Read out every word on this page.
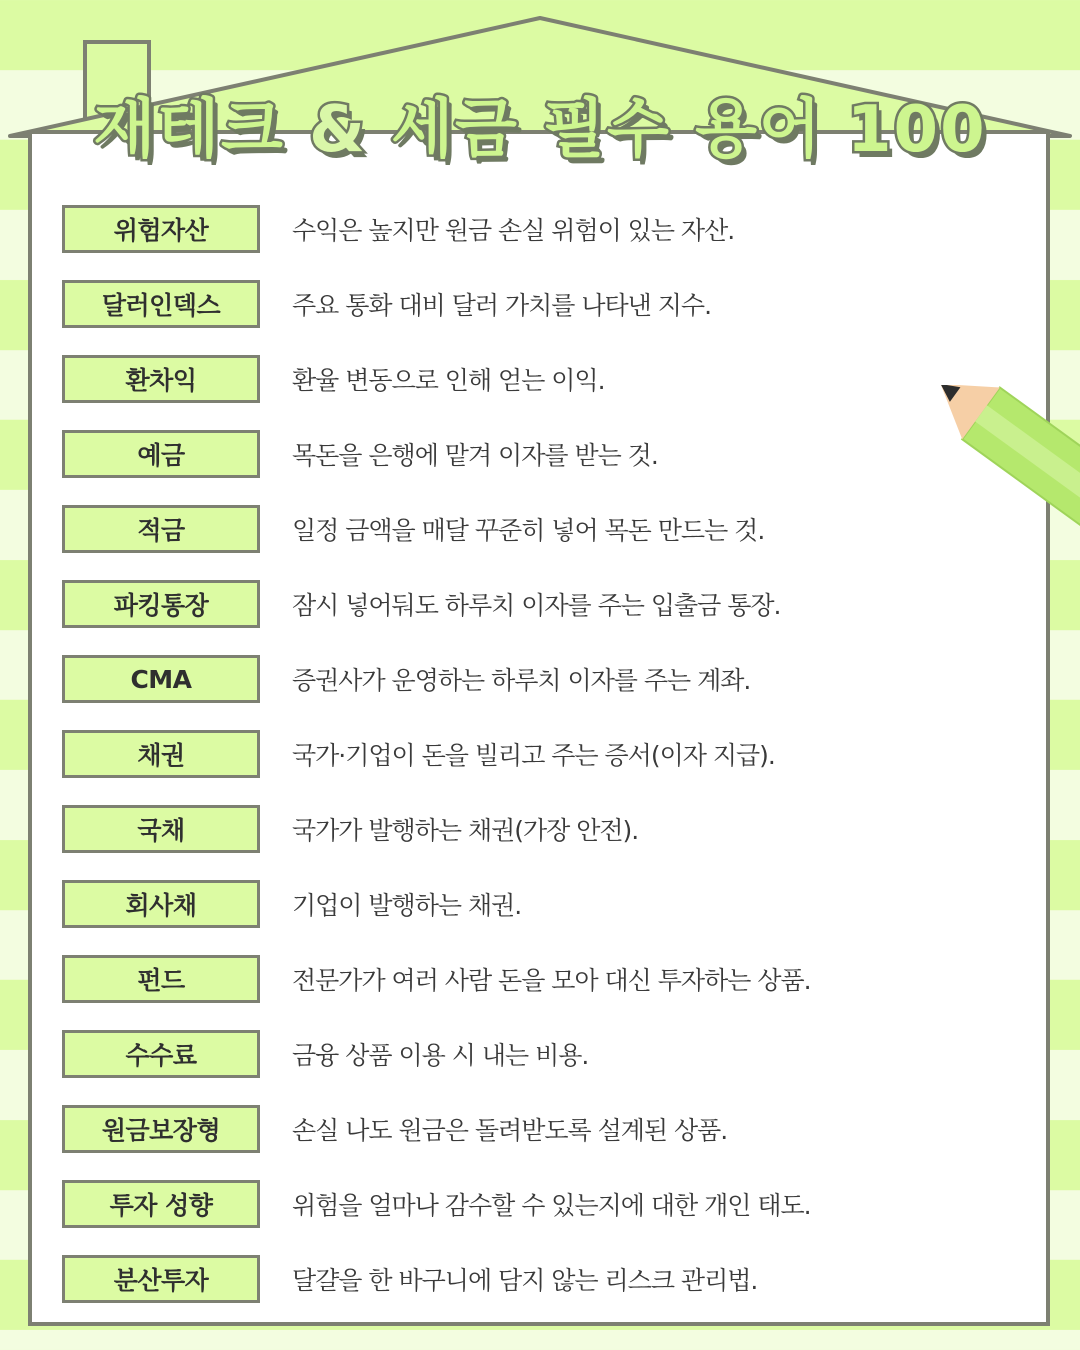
재테크 & 세금 필수 용어 100
위험자산	수익은 높지만 원금 손실 위험이 있는 자산.
달러인덱스	주요 통화 대비 달러 가치를 나타낸 지수.
환차익	환율 변동으로 인해 얻는 이익.
예금	목돈을 은행에 맡겨 이자를 받는 것.
적금	일정 금액을 매달 꾸준히 넣어 목돈 만드는 것.
파킹통장	잠시 넣어둬도 하루치 이자를 주는 입출금 통장.
CMA	증권사가 운영하는 하루치 이자를 주는 계좌.
채권	국가·기업이 돈을 빌리고 주는 증서(이자 지급).
국채	국가가 발행하는 채권(가장 안전).
회사채	기업이 발행하는 채권.
펀드	전문가가 여러 사람 돈을 모아 대신 투자하는 상품.
수수료	금융 상품 이용 시 내는 비용.
원금보장형	손실 나도 원금은 돌려받도록 설계된 상품.
투자 성향	위험을 얼마나 감수할 수 있는지에 대한 개인 태도.
분산투자	달걀을 한 바구니에 담지 않는 리스크 관리법.
